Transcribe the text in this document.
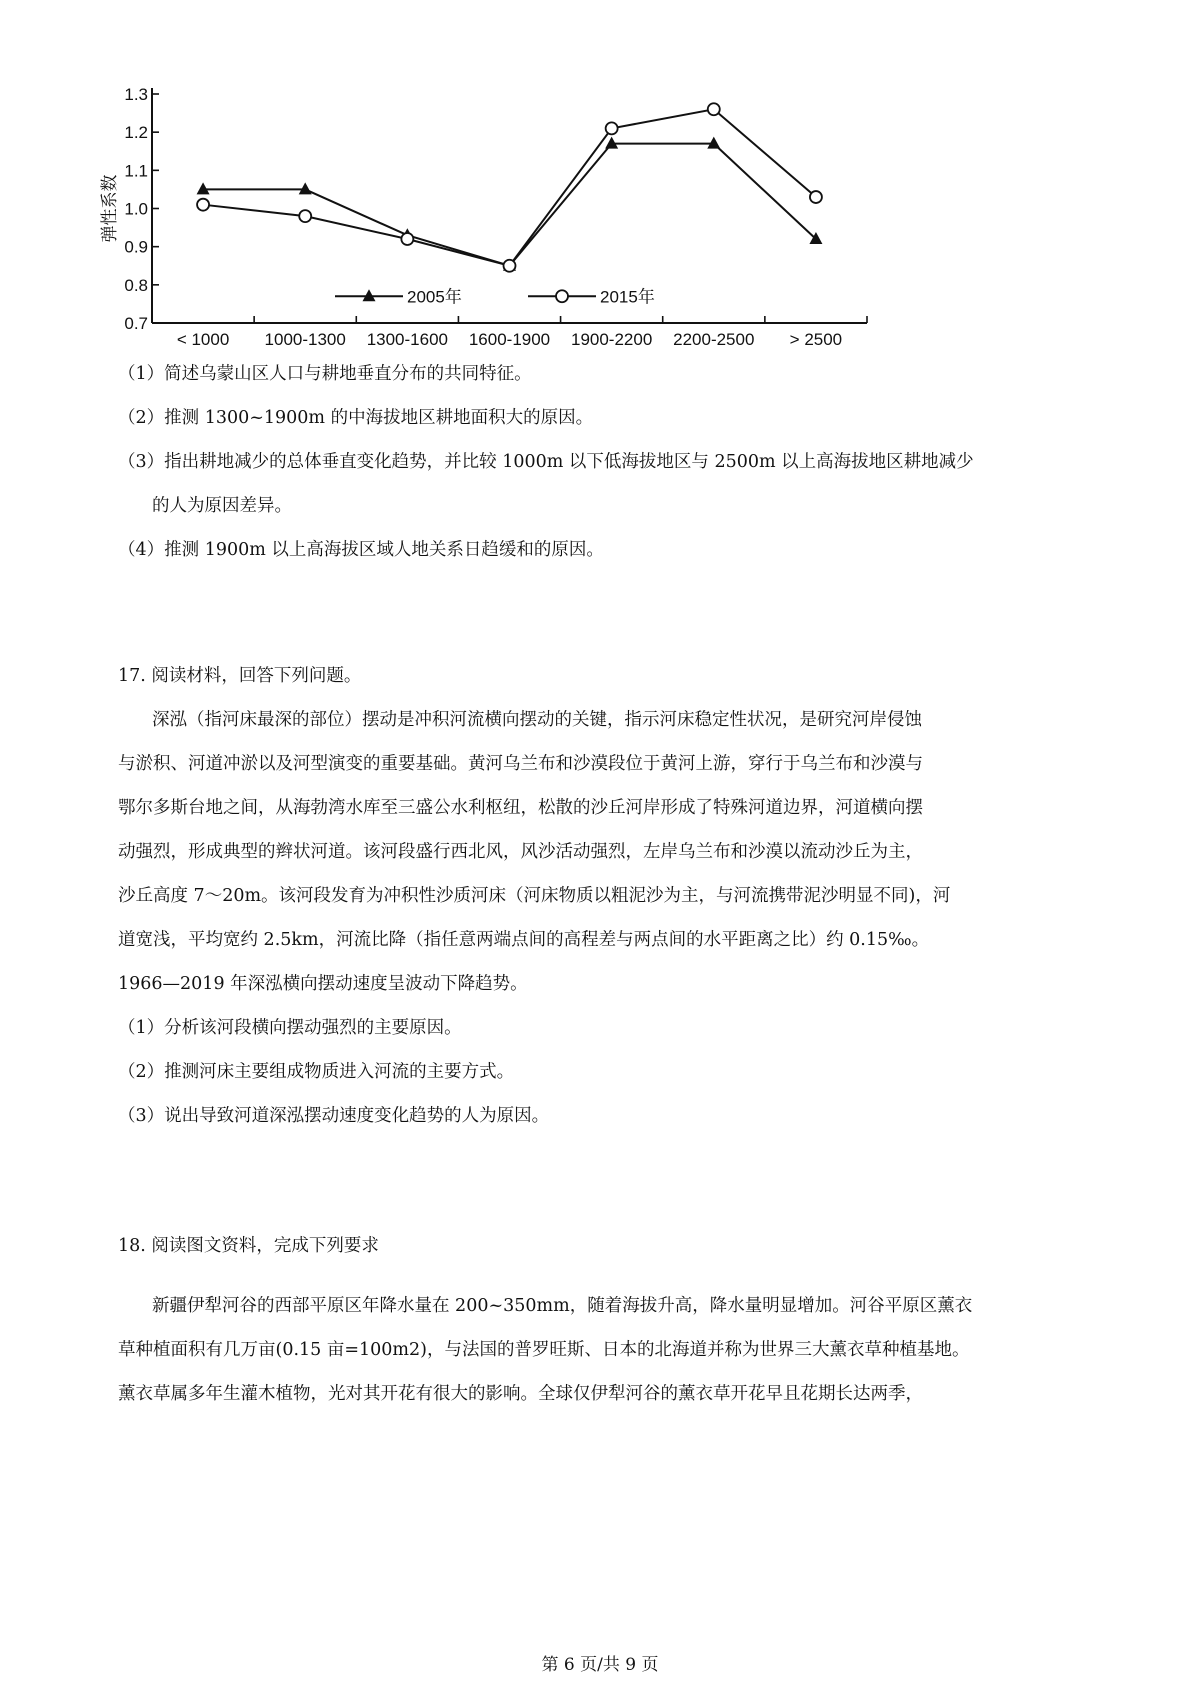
0.7
0.8
0.9
1.0
1.1
1.2
1.3
< 1000 1000-1300 1300-1600 1600-1900 1900-2200 2200-2500 > 2500
弹性系数
2005年	2015年
（1）简述乌蒙山区人口与耕地垂直分布的共同特征。
（2）推测 1300~1900m 的中海拔地区耕地面积大的原因。
（3）指出耕地减少的总体垂直变化趋势，并比较 1000m 以下低海拔地区与 2500m 以上高海拔地区耕地减少
的人为原因差异。
（4）推测 1900m 以上高海拔区域人地关系日趋缓和的原因。
17. 阅读材料，回答下列问题。
深泓（指河床最深的部位）摆动是冲积河流横向摆动的关键，指示河床稳定性状况，是研究河岸侵蚀
与淤积、河道冲淤以及河型演变的重要基础。黄河乌兰布和沙漠段位于黄河上游，穿行于乌兰布和沙漠与
鄂尔多斯台地之间，从海勃湾水库至三盛公水利枢纽，松散的沙丘河岸形成了特殊河道边界，河道横向摆
动强烈，形成典型的辫状河道。该河段盛行西北风，风沙活动强烈，左岸乌兰布和沙漠以流动沙丘为主，
沙丘高度 7～20m。该河段发育为冲积性沙质河床（河床物质以粗泥沙为主，与河流携带泥沙明显不同)，河
道宽浅，平均宽约 2.5km，河流比降（指任意两端点间的高程差与两点间的水平距离之比）约 0.15‰。
1966—2019 年深泓横向摆动速度呈波动下降趋势。
（1）分析该河段横向摆动强烈的主要原因。
（2）推测河床主要组成物质进入河流的主要方式。
（3）说出导致河道深泓摆动速度变化趋势的人为原因。
18. 阅读图文资料，完成下列要求
新疆伊犁河谷的西部平原区年降水量在 200~350mm，随着海拔升高，降水量明显增加。河谷平原区薰衣
草种植面积有几万亩(0.15 亩=100m2)，与法国的普罗旺斯、日本的北海道并称为世界三大薰衣草种植基地。
薰衣草属多年生灌木植物，光对其开花有很大的影响。全球仅伊犁河谷的薰衣草开花早且花期长达两季，
第 6 页/共 9 页
